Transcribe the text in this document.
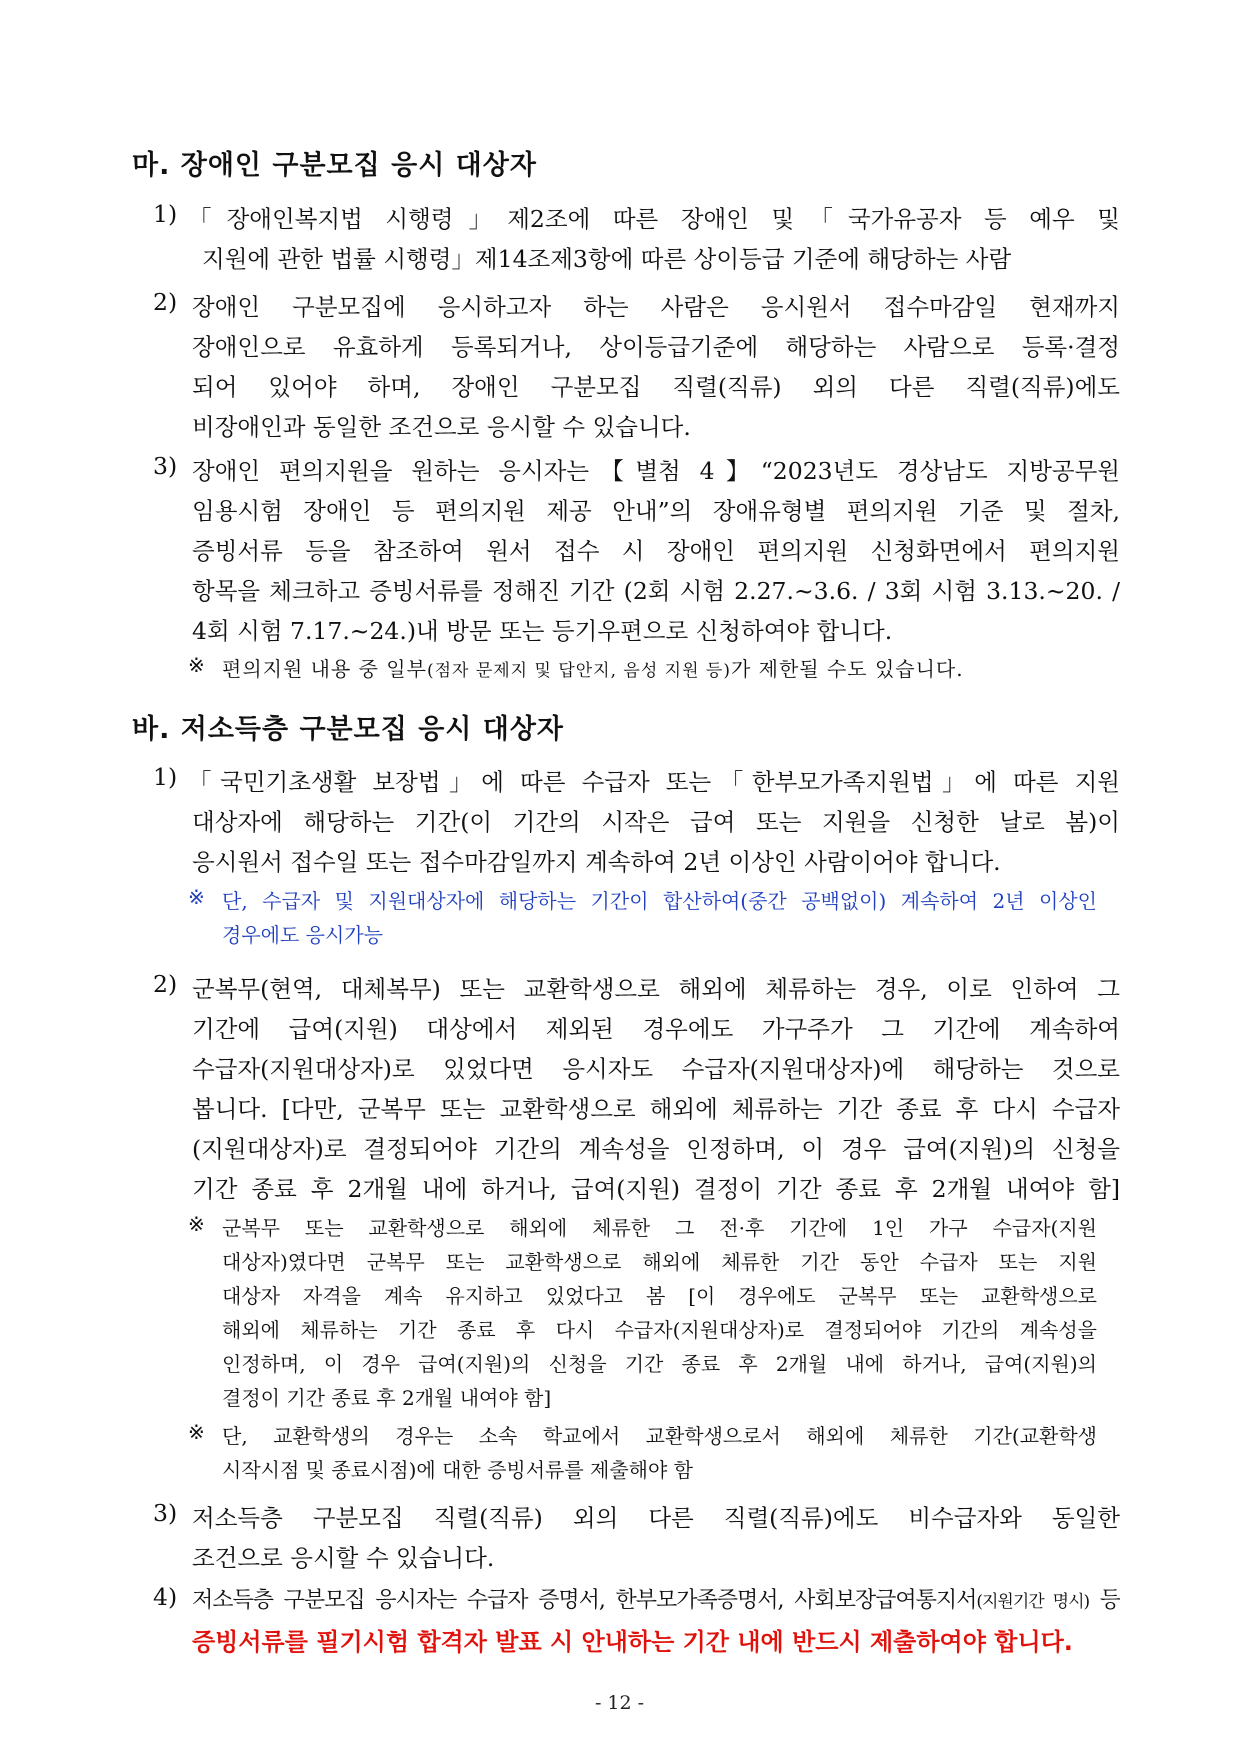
마. 장애인 구분모집 응시 대상자
1) 「장애인복지법 시행령」제2조에 따른 장애인 및「국가유공자 등 예우 및
지원에 관한 법률 시행령」제14조제3항에 따른 상이등급 기준에 해당하는 사람
2) 장애인 구분모집에 응시하고자 하는 사람은 응시원서 접수마감일 현재까지
장애인으로 유효하게 등록되거나, 상이등급기준에 해당하는 사람으로 등록·결정
되어 있어야 하며, 장애인 구분모집 직렬(직류) 외의 다른 직렬(직류)에도
비장애인과 동일한 조건으로 응시할 수 있습니다.
3) 장애인 편의지원을 원하는 응시자는【별첨 4】“2023년도 경상남도 지방공무원
임용시험 장애인 등 편의지원 제공 안내”의 장애유형별 편의지원 기준 및 절차,
증빙서류 등을 참조하여 원서 접수 시 장애인 편의지원 신청화면에서 편의지원
항목을 체크하고 증빙서류를 정해진 기간 (2회 시험 2.27.~3.6. / 3회 시험 3.13.~20. /
4회 시험 7.17.~24.)내 방문 또는 등기우편으로 신청하여야 합니다.
※ 편의지원 내용 중 일부(점자 문제지 및 답안지, 음성 지원 등)가 제한될 수도 있습니다.
바. 저소득층 구분모집 응시 대상자
1) 「국민기초생활 보장법」에 따른 수급자 또는「한부모가족지원법」에 따른 지원
대상자에 해당하는 기간(이 기간의 시작은 급여 또는 지원을 신청한 날로 봄)이
응시원서 접수일 또는 접수마감일까지 계속하여 2년 이상인 사람이어야 합니다.
※ 단, 수급자 및 지원대상자에 해당하는 기간이 합산하여(중간 공백없이) 계속하여 2년 이상인
경우에도 응시가능
2) 군복무(현역, 대체복무) 또는 교환학생으로 해외에 체류하는 경우, 이로 인하여 그
기간에 급여(지원) 대상에서 제외된 경우에도 가구주가 그 기간에 계속하여
수급자(지원대상자)로 있었다면 응시자도 수급자(지원대상자)에 해당하는 것으로
봅니다. [다만, 군복무 또는 교환학생으로 해외에 체류하는 기간 종료 후 다시 수급자
(지원대상자)로 결정되어야 기간의 계속성을 인정하며, 이 경우 급여(지원)의 신청을
기간 종료 후 2개월 내에 하거나, 급여(지원) 결정이 기간 종료 후 2개월 내여야 함]
※ 군복무 또는 교환학생으로 해외에 체류한 그 전·후 기간에 1인 가구 수급자(지원
대상자)였다면 군복무 또는 교환학생으로 해외에 체류한 기간 동안 수급자 또는 지원
대상자 자격을 계속 유지하고 있었다고 봄 [이 경우에도 군복무 또는 교환학생으로
해외에 체류하는 기간 종료 후 다시 수급자(지원대상자)로 결정되어야 기간의 계속성을
인정하며, 이 경우 급여(지원)의 신청을 기간 종료 후 2개월 내에 하거나, 급여(지원)의
결정이 기간 종료 후 2개월 내여야 함]
※ 단, 교환학생의 경우는 소속 학교에서 교환학생으로서 해외에 체류한 기간(교환학생
시작시점 및 종료시점)에 대한 증빙서류를 제출해야 함
3) 저소득층 구분모집 직렬(직류) 외의 다른 직렬(직류)에도 비수급자와 동일한
조건으로 응시할 수 있습니다.
4) 저소득층 구분모집 응시자는 수급자 증명서, 한부모가족증명서, 사회보장급여통지서(지원기간 명시) 등
증빙서류를 필기시험 합격자 발표 시 안내하는 기간 내에 반드시 제출하여야 합니다.
- 12 -
